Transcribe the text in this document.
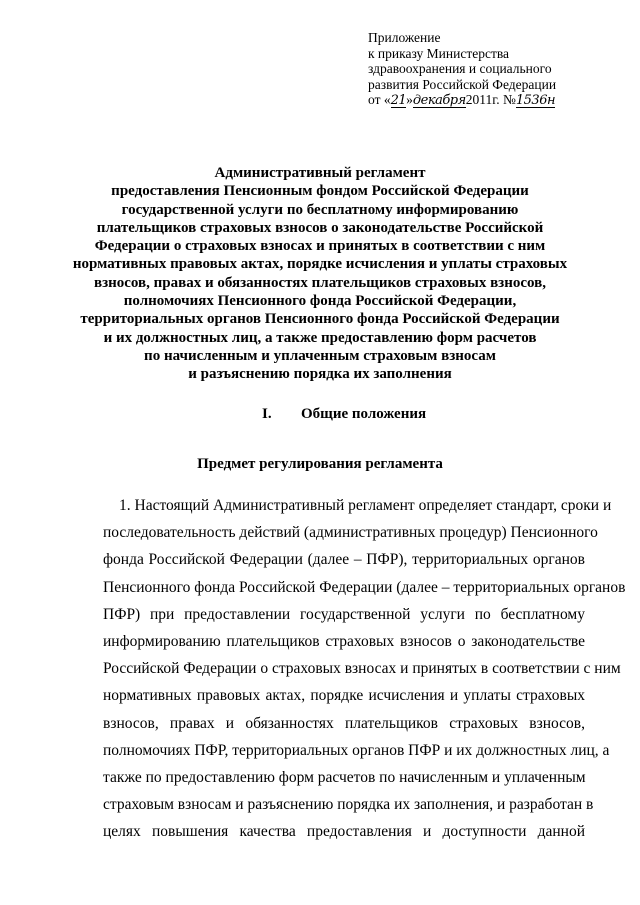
Приложение
к приказу Министерства
здравоохранения и социального
развития Российской Федерации
от «21»декабря2011г. №1536н
Административный регламент
предоставления Пенсионным фондом Российской Федерации
государственной услуги по бесплатному информированию
плательщиков страховых взносов о законодательстве Российской
Федерации о страховых взносах и принятых в соответствии с ним
нормативных правовых актах, порядке исчисления и уплаты страховых
взносов, правах и обязанностях плательщиков страховых взносов,
полномочиях Пенсионного фонда Российской Федерации,
территориальных органов Пенсионного фонда Российской Федерации
и их должностных лиц, а также предоставлению форм расчетов
по начисленным и уплаченным страховым взносам
и разъяснению порядка их заполнения
I. Общие положения
Предмет регулирования регламента
1. Настоящий Административный регламент определяет стандарт, сроки и
последовательность действий (административных процедур) Пенсионного
фонда Российской Федерации (далее – ПФР), территориальных органов
Пенсионного фонда Российской Федерации (далее – территориальных органов
ПФР) при предоставлении государственной услуги по бесплатному
информированию плательщиков страховых взносов о законодательстве
Российской Федерации о страховых взносах и принятых в соответствии с ним
нормативных правовых актах, порядке исчисления и уплаты страховых
взносов, правах и обязанностях плательщиков страховых взносов,
полномочиях ПФР, территориальных органов ПФР и их должностных лиц, а
также по предоставлению форм расчетов по начисленным и уплаченным
страховым взносам и разъяснению порядка их заполнения, и разработан в
целях повышения качества предоставления и доступности данной
